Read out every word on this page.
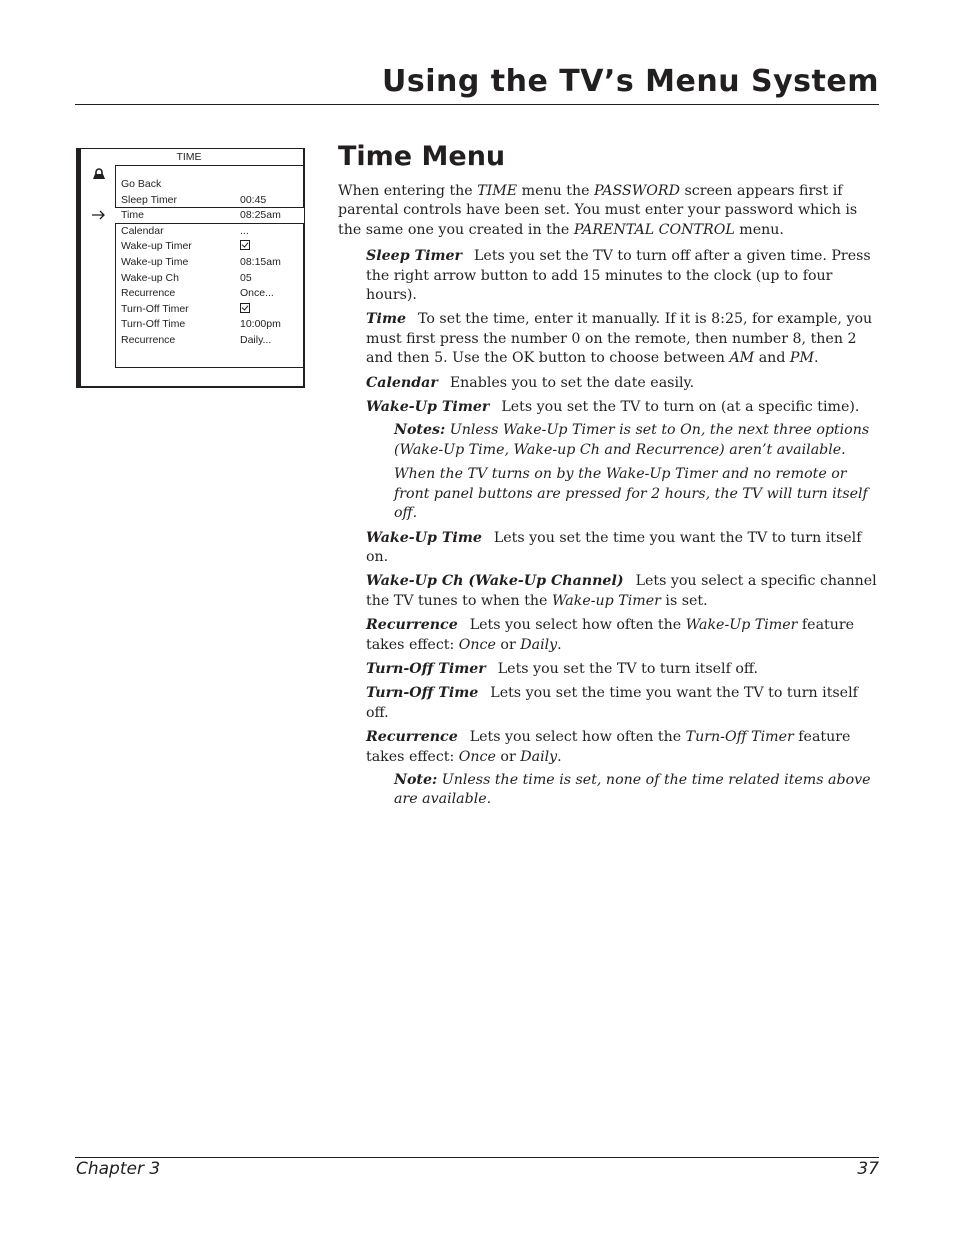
Using the TV’s Menu System
TIME
Go Back
Sleep Timer	00:45
Time	08:25am
Calendar	...
Wake-up Timer
Wake-up Time	08:15am
Wake-up Ch	05
Recurrence	Once...
Turn-Off Timer
Turn-Off Time	10:00pm
Recurrence	Daily...
Time Menu

When entering the TIME menu the PASSWORD screen appears first if parental controls have been set. You must enter your password which is the same one you created in the PARENTAL CONTROL menu.

Sleep Timer Lets you set the TV to turn off after a given time. Press the right arrow button to add 15 minutes to the clock (up to four hours).

Time To set the time, enter it manually. If it is 8:25, for example, you must first press the number 0 on the remote, then number 8, then 2 and then 5. Use the OK button to choose between AM and PM.

Calendar Enables you to set the date easily.

Wake-Up Timer Lets you set the TV to turn on (at a specific time).

Notes: Unless Wake-Up Timer is set to On, the next three options (Wake-Up Time, Wake-up Ch and Recurrence) aren’t available.

When the TV turns on by the Wake-Up Timer and no remote or front panel buttons are pressed for 2 hours, the TV will turn itself off.

Wake-Up Time Lets you set the time you want the TV to turn itself on.

Wake-Up Ch (Wake-Up Channel) Lets you select a specific channel the TV tunes to when the Wake-up Timer is set.

Recurrence Lets you select how often the Wake-Up Timer feature takes effect: Once or Daily.

Turn-Off Timer Lets you set the TV to turn itself off.

Turn-Off Time Lets you set the time you want the TV to turn itself off.

Recurrence Lets you select how often the Turn-Off Timer feature takes effect: Once or Daily.

Note: Unless the time is set, none of the time related items above are available.

Chapter 3	37
